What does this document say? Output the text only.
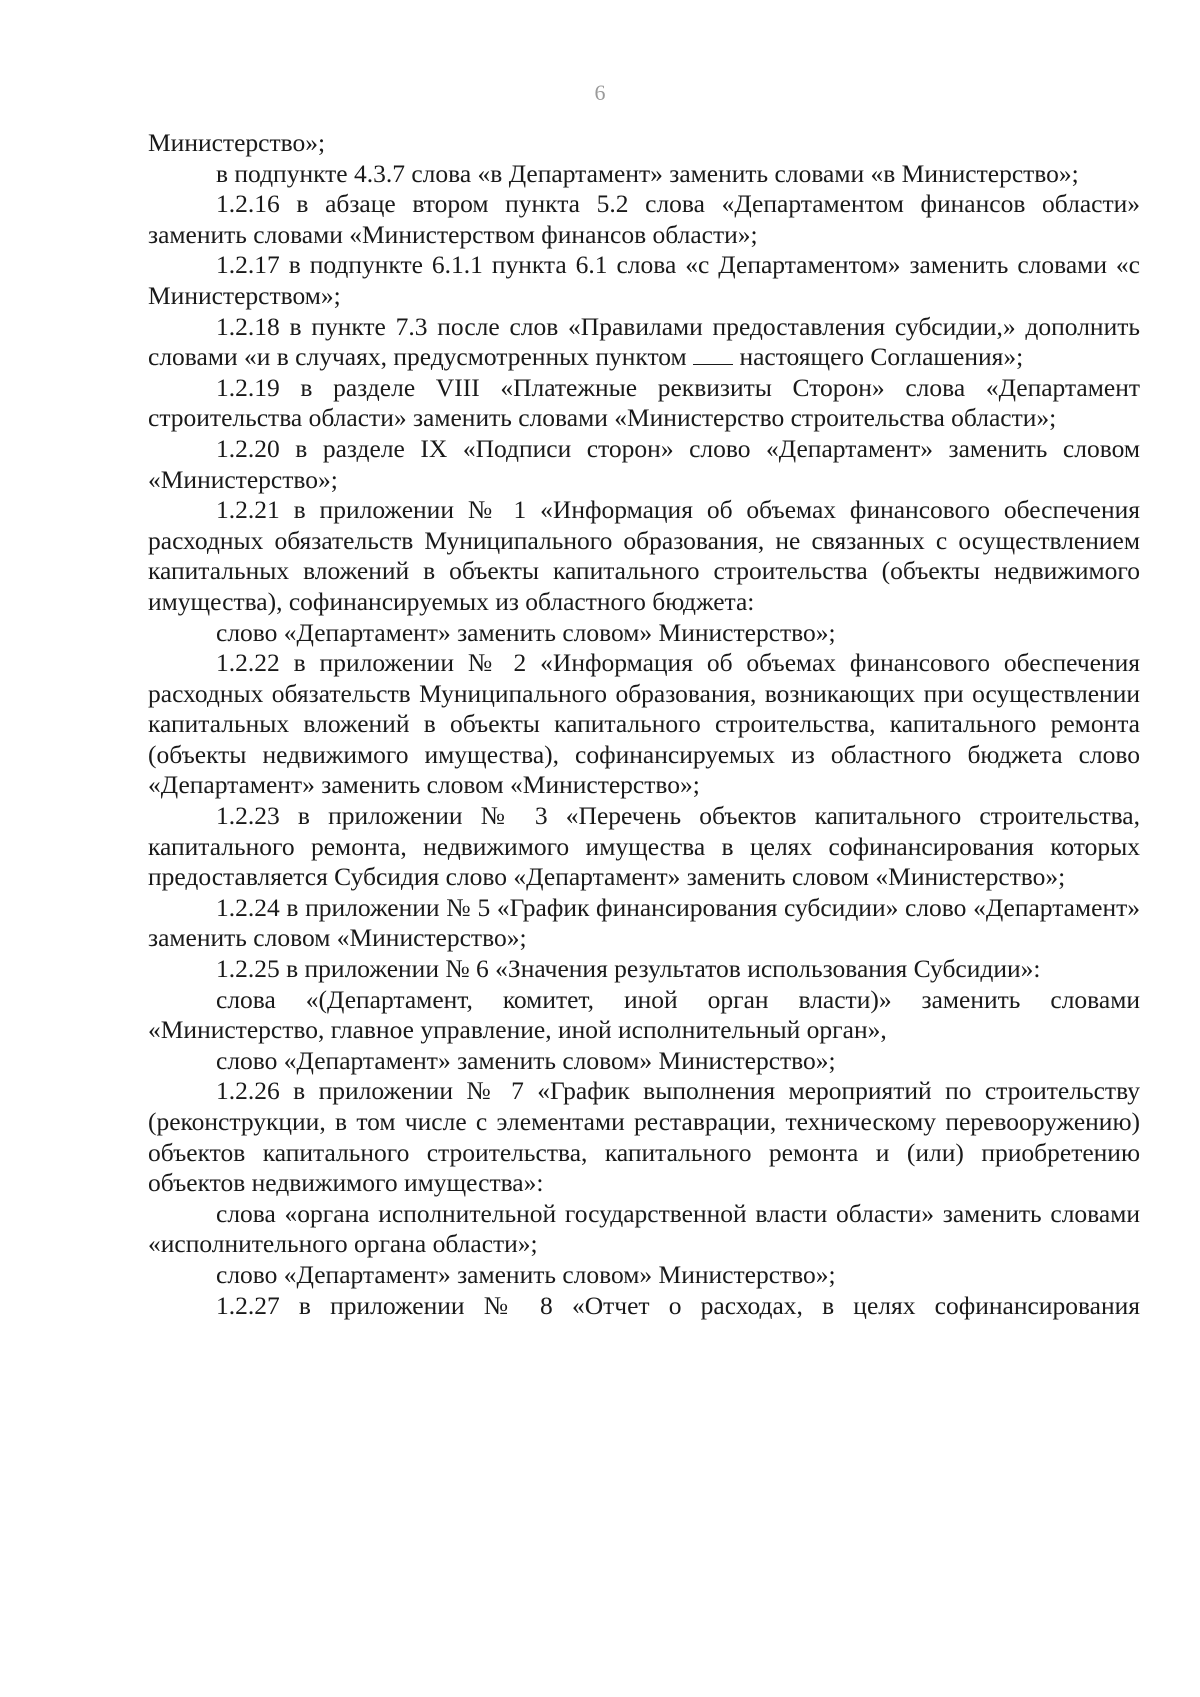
6

Министерство»;

в подпункте 4.3.7 слова «в Департамент» заменить словами «в Министерство»;

1.2.16 в абзаце втором пункта 5.2 слова «Департаментом финансов области» заменить словами «Министерством финансов области»;

1.2.17 в подпункте 6.1.1 пункта 6.1 слова «с Департаментом» заменить словами «с Министерством»;

1.2.18 в пункте 7.3 после слов «Правилами предоставления субсидии,» дополнить словами «и в случаях, предусмотренных пунктом настоящего Соглашения»;

1.2.19 в разделе VIII «Платежные реквизиты Сторон» слова «Департамент строительства области» заменить словами «Министерство строительства области»;

1.2.20 в разделе IX «Подписи сторон» слово «Департамент» заменить словом «Министерство»;

1.2.21 в приложении № 1 «Информация об объемах финансового обеспечения расходных обязательств Муниципального образования, не связанных с осуществлением капитальных вложений в объекты капитального строительства (объекты недвижимого имущества), софинансируемых из областного бюджета:

слово «Департамент» заменить словом» Министерство»;

1.2.22 в приложении № 2 «Информация об объемах финансового обеспечения расходных обязательств Муниципального образования, возникающих при осуществлении капитальных вложений в объекты капитального строительства, капитального ремонта (объекты недвижимого имущества), софинансируемых из областного бюджета слово «Департамент» заменить словом «Министерство»;

1.2.23 в приложении № 3 «Перечень объектов капитального строительства, капитального ремонта, недвижимого имущества в целях софинансирования которых предоставляется Субсидия слово «Департамент» заменить словом «Министерство»;

1.2.24 в приложении № 5 «График финансирования субсидии» слово «Департамент» заменить словом «Министерство»;

1.2.25 в приложении № 6 «Значения результатов использования Субсидии»:

слова «(Департамент, комитет, иной орган власти)» заменить словами «Министерство, главное управление, иной исполнительный орган»,

слово «Департамент» заменить словом» Министерство»;

1.2.26 в приложении № 7 «График выполнения мероприятий по строительству (реконструкции, в том числе с элементами реставрации, техническому перевооружению) объектов капитального строительства, капитального ремонта и (или) приобретению объектов недвижимого имущества»:

слова «органа исполнительной государственной власти области» заменить словами «исполнительного органа области»;

слово «Департамент» заменить словом» Министерство»;

1.2.27 в приложении № 8 «Отчет о расходах, в целях софинансирования
